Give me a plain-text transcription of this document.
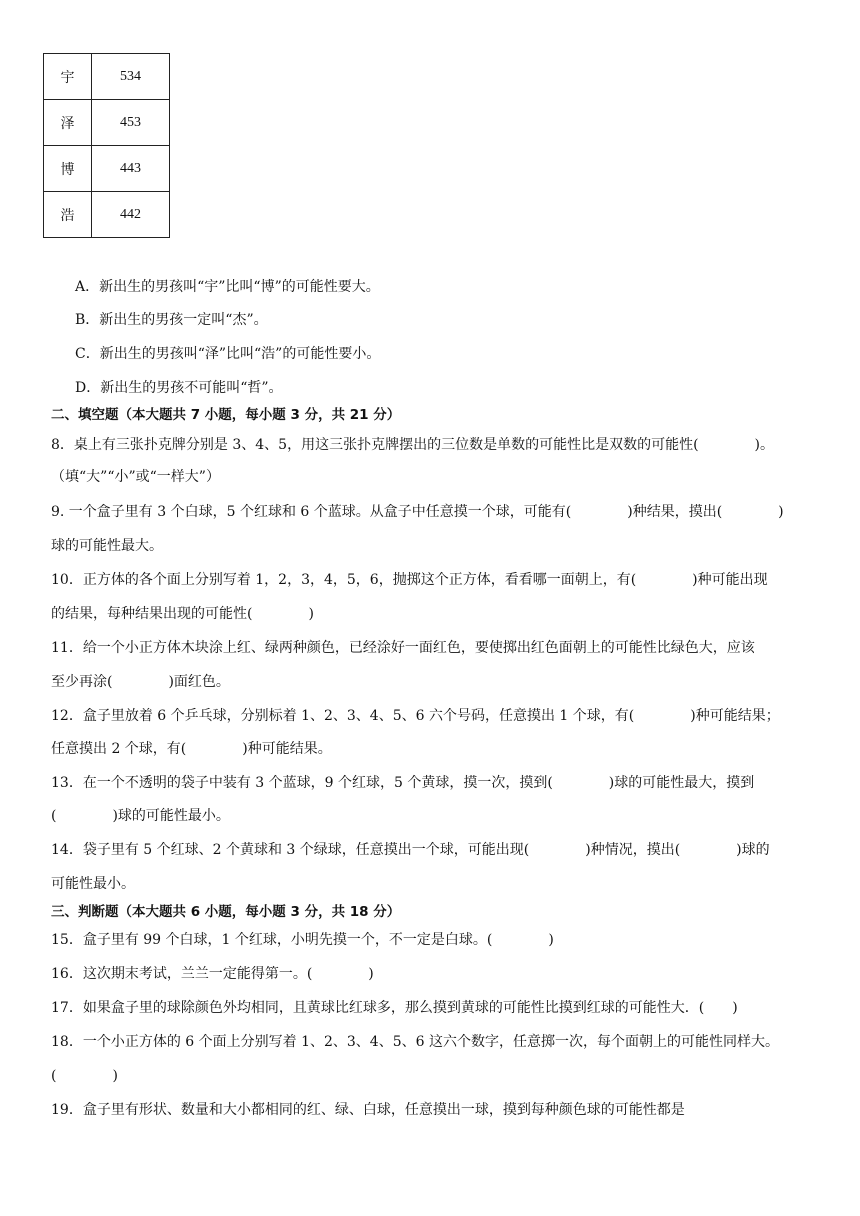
宇	534
泽	453
博	443
浩	442
A．新出生的男孩叫“宇”比叫“博”的可能性要大。
B．新出生的男孩一定叫“杰”。
C．新出生的男孩叫“泽”比叫“浩”的可能性要小。
D．新出生的男孩不可能叫“哲”。
二、填空题（本大题共 7 小题，每小题 3 分，共 21 分）
8．桌上有三张扑克牌分别是 3、4、5，用这三张扑克牌摆出的三位数是单数的可能性比是双数的可能性(　　　　)。
（填“大”“小”或“一样大”）
9. 一个盒子里有 3 个白球，5 个红球和 6 个蓝球。从盒子中任意摸一个球，可能有(　　　　)种结果，摸出(　　　　)
球的可能性最大。
10．正方体的各个面上分别写着 1，2，3，4，5，6，抛掷这个正方体，看看哪一面朝上，有(　　　　)种可能出现
的结果，每种结果出现的可能性(　　　　)
11．给一个小正方体木块涂上红、绿两种颜色，已经涂好一面红色，要使掷出红色面朝上的可能性比绿色大，应该
至少再涂(　　　　)面红色。
12．盒子里放着 6 个乒乓球，分别标着 1、2、3、4、5、6 六个号码，任意摸出 1 个球，有(　　　　)种可能结果；
任意摸出 2 个球，有(　　　　)种可能结果。
13．在一个不透明的袋子中装有 3 个蓝球，9 个红球，5 个黄球，摸一次，摸到(　　　　)球的可能性最大，摸到
(　　　　)球的可能性最小。
14．袋子里有 5 个红球、2 个黄球和 3 个绿球，任意摸出一个球，可能出现(　　　　)种情况，摸出(　　　　)球的
可能性最小。
三、判断题（本大题共 6 小题，每小题 3 分，共 18 分）
15．盒子里有 99 个白球，1 个红球，小明先摸一个，不一定是白球。(　　　　)
16．这次期末考试，兰兰一定能得第一。(　　　　)
17．如果盒子里的球除颜色外均相同，且黄球比红球多，那么摸到黄球的可能性比摸到红球的可能性大．(　　)
18．一个小正方体的 6 个面上分别写着 1、2、3、4、5、6 这六个数字，任意掷一次，每个面朝上的可能性同样大。
(　　　　)
19．盒子里有形状、数量和大小都相同的红、绿、白球，任意摸出一球，摸到每种颜色球的可能性都是
